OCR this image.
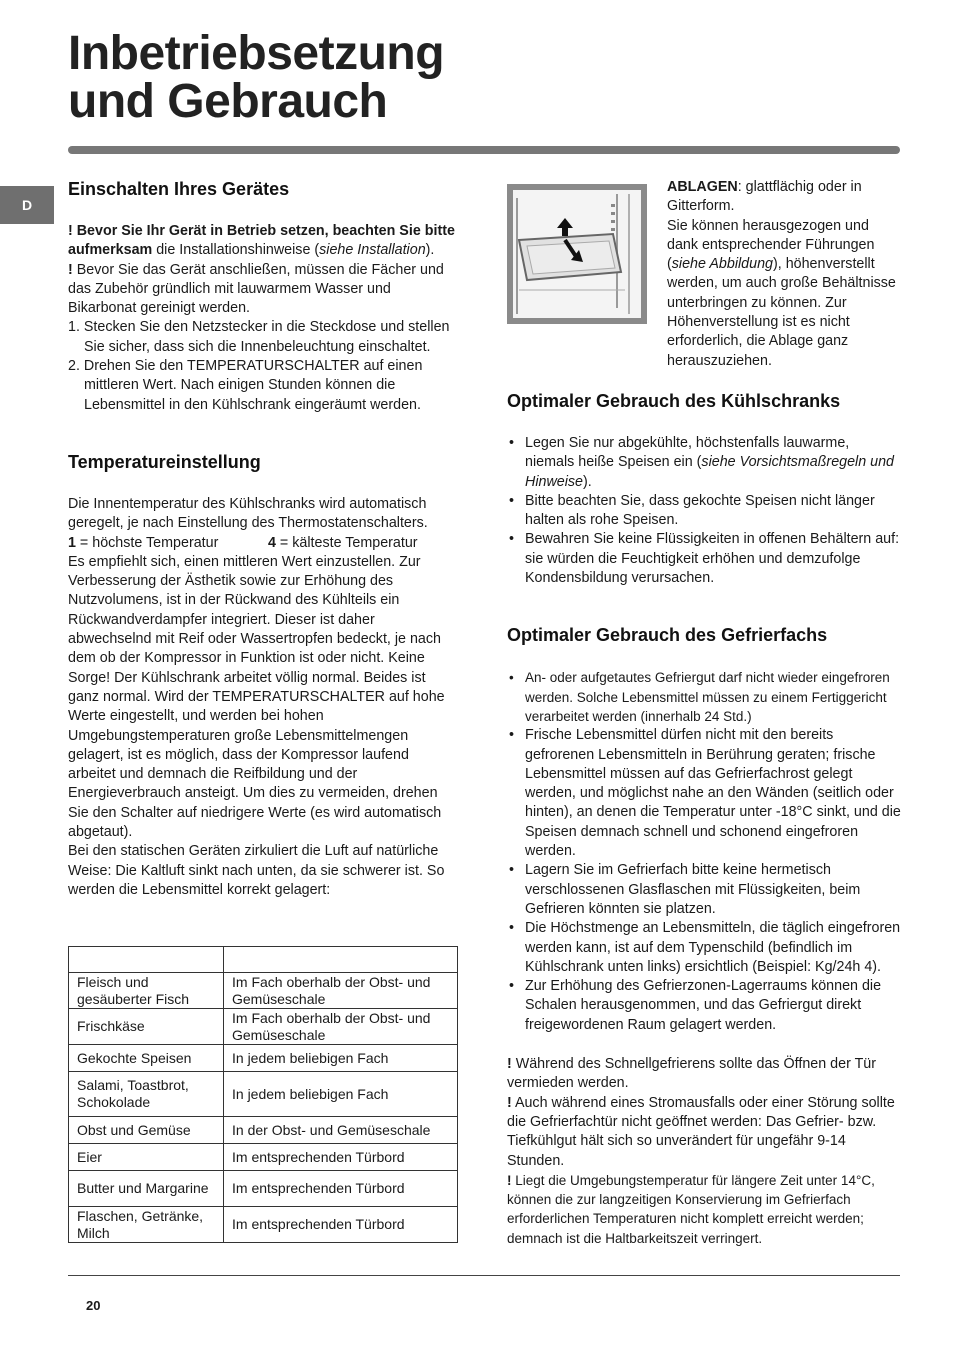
Inbetriebsetzung
und Gebrauch
D
Einschalten Ihres Gerätes

! Bevor Sie Ihr Gerät in Betrieb setzen, beachten Sie bitte aufmerksam die Installationshinweise (siehe Installation).

! Bevor Sie das Gerät anschließen, müssen die Fächer und das Zubehör gründlich mit lauwarmem Wasser und Bikarbonat gereinigt werden.

1. Stecken Sie den Netzstecker in die Steckdose und stellen Sie sicher, dass sich die Innenbeleuchtung einschaltet.

2. Drehen Sie den TEMPERATURSCHALTER auf einen mittleren Wert. Nach einigen Stunden können die Lebensmittel in den Kühlschrank eingeräumt werden.

Temperatureinstellung

Die Innentemperatur des Kühlschranks wird automatisch geregelt, je nach Einstellung des Thermostatenschalters.

1 = höchste Temperatur	4 = kälteste Temperatur

Es empfiehlt sich, einen mittleren Wert einzustellen. Zur Verbesserung der Ästhetik sowie zur Erhöhung des Nutzvolumens, ist in der Rückwand des Kühlteils ein Rückwandverdampfer integriert. Dieser ist daher abwechselnd mit Reif oder Wassertropfen bedeckt, je nach dem ob der Kompressor in Funktion ist oder nicht. Keine Sorge! Der Kühlschrank arbeitet völlig normal. Beides ist ganz normal. Wird der TEMPERATURSCHALTER auf hohe Werte eingestellt, und werden bei hohen Umgebungstemperaturen große Lebensmittelmengen gelagert, ist es möglich, dass der Kompressor laufend arbeitet und demnach die Reifbildung und der Energieverbrauch ansteigt. Um dies zu vermeiden, drehen Sie den Schalter auf niedrigere Werte (es wird automatisch abgetaut).

Bei den statischen Geräten zirkuliert die Luft auf natürliche Weise: Die Kaltluft sinkt nach unten, da sie schwerer ist. So werden die Lebensmittel korrekt gelagert:

Fleisch und gesäuberter Fisch	Im Fach oberhalb der Obst- und Gemüseschale
Frischkäse	Im Fach oberhalb der Obst- und Gemüseschale
Gekochte Speisen	In jedem beliebigen Fach
Salami, Toastbrot, Schokolade	In jedem beliebigen Fach
Obst und Gemüse	In der Obst- und Gemüseschale
Eier	Im entsprechenden Türbord
Butter und Margarine	Im entsprechenden Türbord
Flaschen, Getränke, Milch	Im entsprechenden Türbord

ABLAGEN: glattflächig oder in Gitterform.

Sie können herausgezogen und dank entsprechender Führungen (siehe Abbildung), höhenverstellt werden, um auch große Behältnisse unterbringen zu können. Zur Höhenverstellung ist es nicht erforderlich, die Ablage ganz herauszuziehen.

Optimaler Gebrauch des Kühlschranks
• Legen Sie nur abgekühlte, höchstenfalls lauwarme, niemals heiße Speisen ein (siehe Vorsichtsmaßregeln und Hinweise).
• Bitte beachten Sie, dass gekochte Speisen nicht länger halten als rohe Speisen.
• Bewahren Sie keine Flüssigkeiten in offenen Behältern auf: sie würden die Feuchtigkeit erhöhen und demzufolge Kondensbildung verursachen.
Optimaler Gebrauch des Gefrierfachs
• An- oder aufgetautes Gefriergut darf nicht wieder eingefroren werden. Solche Lebensmittel müssen zu einem Fertiggericht verarbeitet werden (innerhalb 24 Std.)
• Frische Lebensmittel dürfen nicht mit den bereits gefrorenen Lebensmitteln in Berührung geraten; frische Lebensmittel müssen auf das Gefrierfachrost gelegt werden, und möglichst nahe an den Wänden (seitlich oder hinten), an denen die Temperatur unter -18°C sinkt, und die Speisen demnach schnell und schonend eingefroren werden.
• Lagern Sie im Gefrierfach bitte keine hermetisch verschlossenen Glasflaschen mit Flüssigkeiten, beim Gefrieren könnten sie platzen.
• Die Höchstmenge an Lebensmitteln, die täglich eingefroren werden kann, ist auf dem Typenschild (befindlich im Kühlschrank unten links) ersichtlich (Beispiel: Kg/24h 4).
• Zur Erhöhung des Gefrierzonen-Lagerraums können die Schalen herausgenommen, und das Gefriergut direkt freigewordenen Raum gelagert werden.

! Während des Schnellgefrierens sollte das Öffnen der Tür vermieden werden.

! Auch während eines Stromausfalls oder einer Störung sollte die Gefrierfachtür nicht geöffnet werden: Das Gefrier- bzw. Tiefkühlgut hält sich so unverändert für ungefähr 9-14 Stunden.

! Liegt die Umgebungstemperatur für längere Zeit unter 14°C, können die zur langzeitigen Konservierung im Gefrierfach erforderlichen Temperaturen nicht komplett erreicht werden; demnach ist die Haltbarkeitszeit verringert.

20
